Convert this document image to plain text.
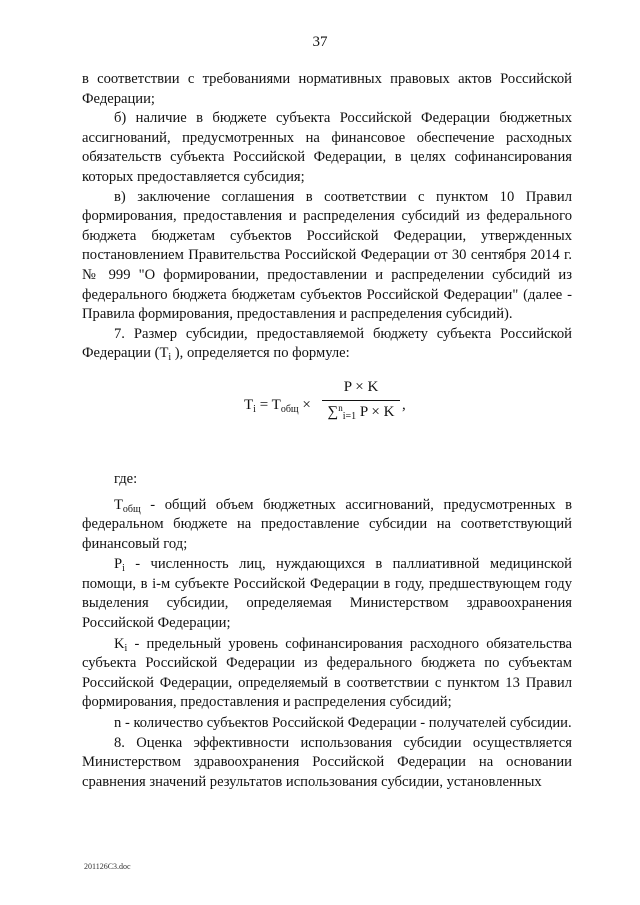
37

в соответствии с требованиями нормативных правовых актов Российской Федерации;

б) наличие в бюджете субъекта Российской Федерации бюджетных ассигнований, предусмотренных на финансовое обеспечение расходных обязательств субъекта Российской Федерации, в целях софинансирования которых предоставляется субсидия;

в) заключение соглашения в соответствии с пунктом 10 Правил формирования, предоставления и распределения субсидий из федерального бюджета бюджетам субъектов Российской Федерации, утвержденных постановлением Правительства Российской Федерации от 30 сентября 2014 г. № 999 "О формировании, предоставлении и распределении субсидий из федерального бюджета бюджетам субъектов Российской Федерации" (далее - Правила формирования, предоставления и распределения субсидий).

7. Размер субсидии, предоставляемой бюджету субъекта Российской Федерации ($T_i$ ), определяется по формуле:

$T_i = T_{общ} \times \frac{P \times K}{\sum^n_{i=1} P \times K}$ ,

где:

$T_{общ}$ - общий объем бюджетных ассигнований, предусмотренных в федеральном бюджете на предоставление субсидии на соответствующий финансовый год;

$P_i$ - численность лиц, нуждающихся в паллиативной медицинской помощи, в i-м субъекте Российской Федерации в году, предшествующем году выделения субсидии, определяемая Министерством здравоохранения Российской Федерации;

$K_i$ - предельный уровень софинансирования расходного обязательства субъекта Российской Федерации из федерального бюджета по субъектам Российской Федерации, определяемый в соответствии с пунктом 13 Правил формирования, предоставления и распределения субсидий;

n - количество субъектов Российской Федерации - получателей субсидии.

8. Оценка эффективности использования субсидии осуществляется Министерством здравоохранения Российской Федерации на основании сравнения значений результатов использования субсидии, установленных

201126C3.doc
